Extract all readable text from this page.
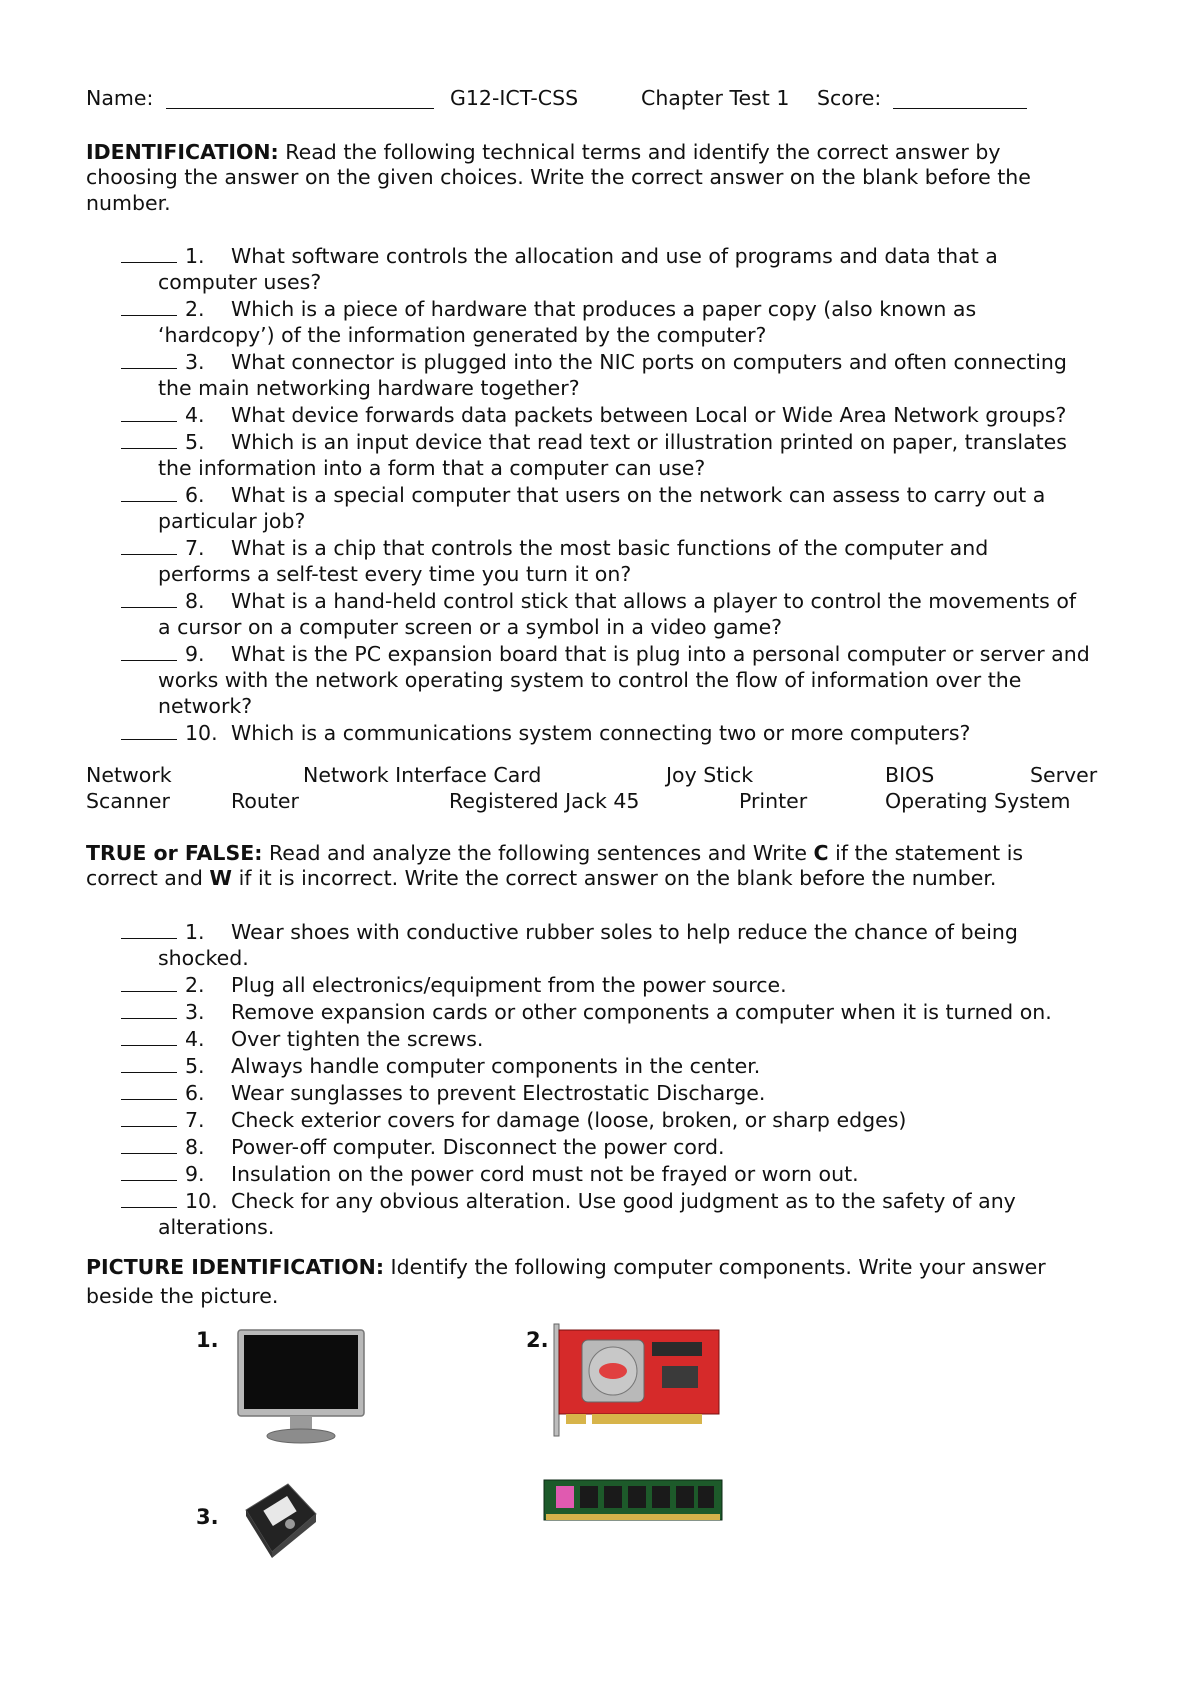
Name:	G12-ICT-CSS	Chapter Test 1 Score:
IDENTIFICATION: Read the following technical terms and identify the correct answer by
choosing the answer on the given choices. Write the correct answer on the blank before the
number.
1. What software controls the allocation and use of programs and data that a
computer uses?
2. Which is a piece of hardware that produces a paper copy (also known as
‘hardcopy’) of the information generated by the computer?
3. What connector is plugged into the NIC ports on computers and often connecting
the main networking hardware together?
4. What device forwards data packets between Local or Wide Area Network groups?
5. Which is an input device that read text or illustration printed on paper, translates
the information into a form that a computer can use?
6. What is a special computer that users on the network can assess to carry out a
particular job?
7. What is a chip that controls the most basic functions of the computer and
performs a self-test every time you turn it on?
8. What is a hand-held control stick that allows a player to control the movements of
a cursor on a computer screen or a symbol in a video game?
9. What is the PC expansion board that is plug into a personal computer or server and
works with the network operating system to control the flow of information over the
network?
10. Which is a communications system connecting two or more computers?
Network	Network Interface Card	Joy Stick	BIOS	Server
Scanner	Router	Registered Jack 45	Printer	Operating System
TRUE or FALSE: Read and analyze the following sentences and Write C if the statement is
correct and W if it is incorrect. Write the correct answer on the blank before the number.
1. Wear shoes with conductive rubber soles to help reduce the chance of being
shocked.
2. Plug all electronics/equipment from the power source.
3. Remove expansion cards or other components a computer when it is turned on.
4. Over tighten the screws.
5. Always handle computer components in the center.
6. Wear sunglasses to prevent Electrostatic Discharge.
7. Check exterior covers for damage (loose, broken, or sharp edges)
8. Power-off computer. Disconnect the power cord.
9. Insulation on the power cord must not be frayed or worn out.
10. Check for any obvious alteration. Use good judgment as to the safety of any
alterations.
PICTURE IDENTIFICATION: Identify the following computer components. Write your answer
beside the picture.
1.	2.
3.
